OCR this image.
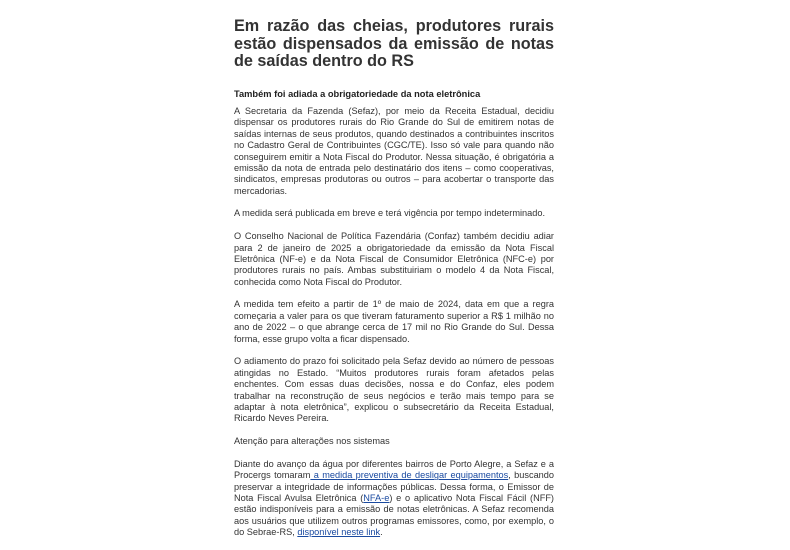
Em razão das cheias, produtores rurais estão dispensados da emissão de notas de saídas dentro do RS
Também foi adiada a obrigatoriedade da nota eletrônica

A Secretaria da Fazenda (Sefaz), por meio da Receita Estadual, decidiu dispensar os produtores rurais do Rio Grande do Sul de emitirem notas de saídas internas de seus produtos, quando destinados a contribuintes inscritos no Cadastro Geral de Contribuintes (CGC/TE). Isso só vale para quando não conseguirem emitir a Nota Fiscal do Produtor. Nessa situação, é obrigatória a emissão da nota de entrada pelo destinatário dos itens – como cooperativas, sindicatos, empresas produtoras ou outros – para acobertar o transporte das mercadorias.

A medida será publicada em breve e terá vigência por tempo indeterminado.

O Conselho Nacional de Política Fazendária (Confaz) também decidiu adiar para 2 de janeiro de 2025 a obrigatoriedade da emissão da Nota Fiscal Eletrônica (NF-e) e da Nota Fiscal de Consumidor Eletrônica (NFC-e) por produtores rurais no país. Ambas substituiriam o modelo 4 da Nota Fiscal, conhecida como Nota Fiscal do Produtor.

A medida tem efeito a partir de 1º de maio de 2024, data em que a regra começaria a valer para os que tiveram faturamento superior a R$ 1 milhão no ano de 2022 – o que abrange cerca de 17 mil no Rio Grande do Sul. Dessa forma, esse grupo volta a ficar dispensado.

O adiamento do prazo foi solicitado pela Sefaz devido ao número de pessoas atingidas no Estado. “Muitos produtores rurais foram afetados pelas enchentes. Com essas duas decisões, nossa e do Confaz, eles podem trabalhar na reconstrução de seus negócios e terão mais tempo para se adaptar à nota eletrônica”, explicou o subsecretário da Receita Estadual, Ricardo Neves Pereira.

Atenção para alterações nos sistemas

Diante do avanço da água por diferentes bairros de Porto Alegre, a Sefaz e a Procergs tomaram a medida preventiva de desligar equipamentos, buscando preservar a integridade de informações públicas. Dessa forma, o Emissor de Nota Fiscal Avulsa Eletrônica (NFA-e) e o aplicativo Nota Fiscal Fácil (NFF) estão indisponíveis para a emissão de notas eletrônicas. A Sefaz recomenda aos usuários que utilizem outros programas emissores, como, por exemplo, o do Sebrae-RS, disponível neste link.
